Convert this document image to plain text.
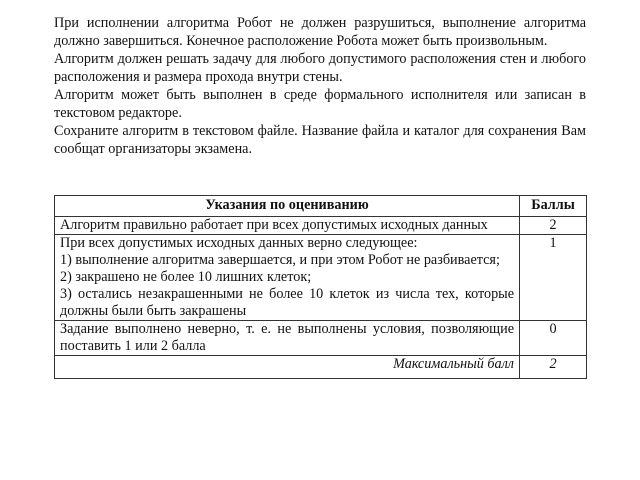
При исполнении алгоритма Робот не должен разрушиться, выполнение алгоритма должно завершиться. Конечное расположение Робота может быть произвольным.

Алгоритм должен решать задачу для любого допустимого расположения стен и любого расположения и размера прохода внутри стены.

Алгоритм может быть выполнен в среде формального исполнителя или записан в текстовом редакторе.

Сохраните алгоритм в текстовом файле. Название файла и каталог для сохранения Вам сообщат организаторы экзамена.

Указания по оцениванию	Баллы
Алгоритм правильно работает при всех допустимых исходных данных	2

При всех допустимых исходных данных верно следующее:
1) выполнение алгоритма завершается, и при этом Робот не разбивается;
2) закрашено не более 10 лишних клеток;
3) остались незакрашенными не более 10 клеток из числа тех, которые должны были быть закрашены	1
Задание выполнено неверно, т. е. не выполнены условия, позволяющие поставить 1 или 2 балла	0
Максимальный балл	2
